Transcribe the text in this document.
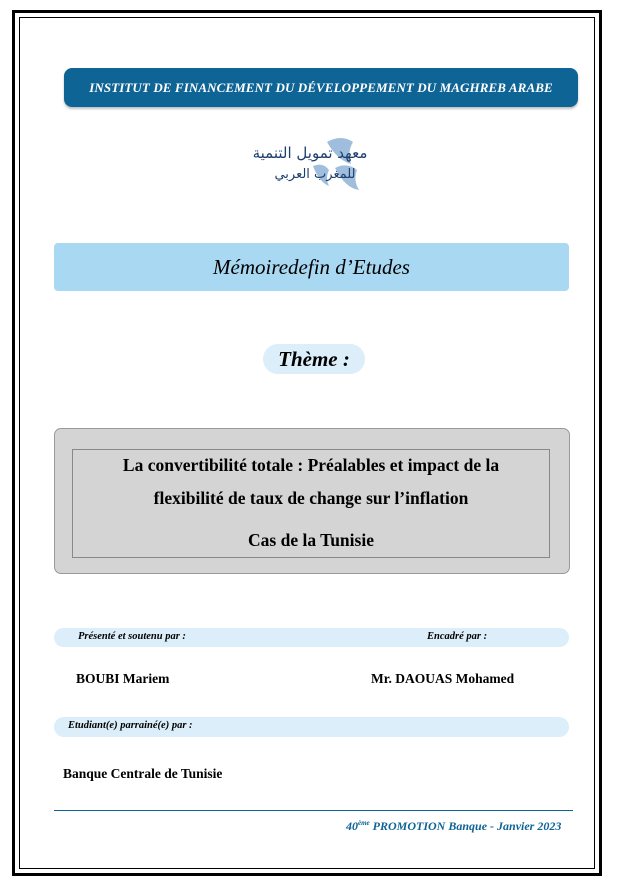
INSTITUT DE FINANCEMENT DU DÉVELOPPEMENT DU MAGHREB ARABE
معهد تمويل التنمية
للمغرب العربي
Mémoiredefin d’Etudes
Thème :
La convertibilité totale : Préalables et impact de la
flexibilité de taux de change sur l’inflation
Cas de la Tunisie
Présenté et soutenu par :	Encadré par :
BOUBI Mariem	Mr. DAOUAS Mohamed
Etudiant(e) parrainé(e) par :
Banque Centrale de Tunisie
40ème PROMOTION Banque - Janvier 2023
